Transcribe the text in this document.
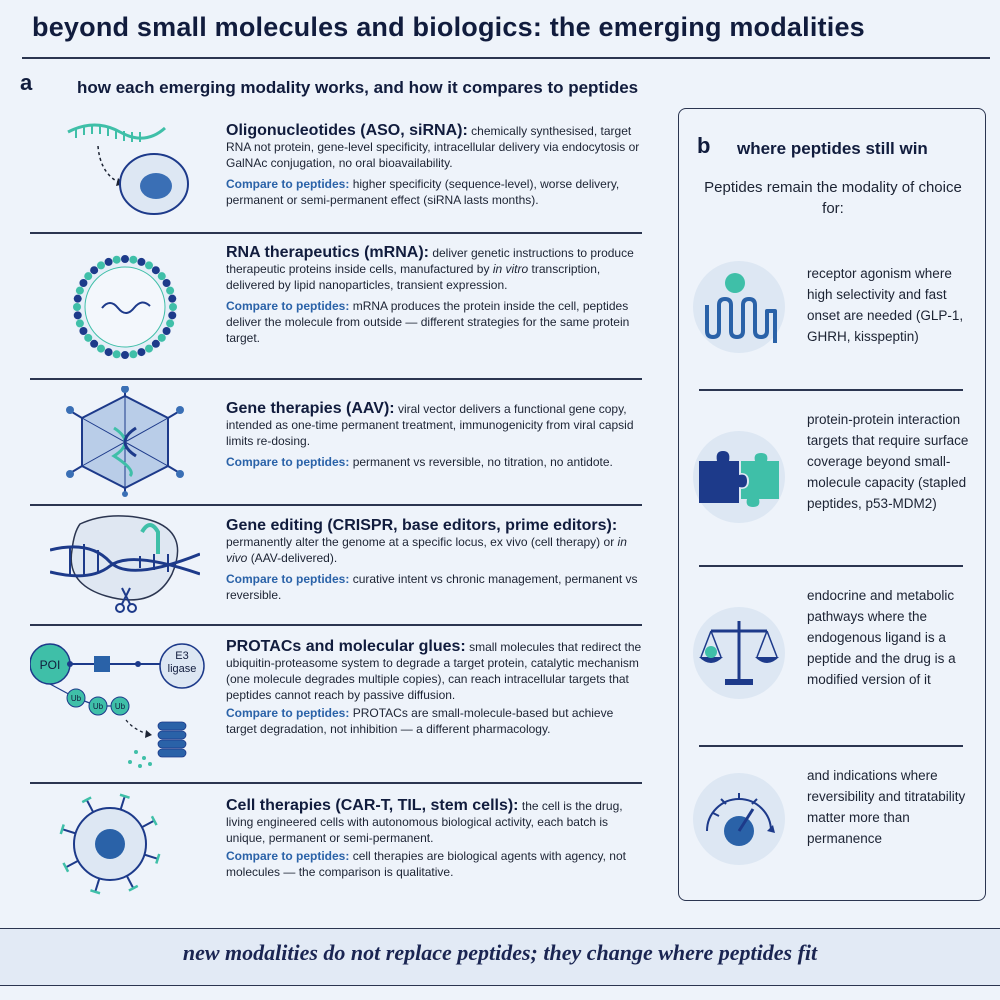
beyond small molecules and biologics: the emerging modalities
a	how each emerging modality works, and how it compares to peptides
Oligonucleotides (ASO, siRNA): chemically synthesised, target RNA not protein, gene-level specificity, intracellular delivery via endocytosis or GalNAc conjugation, no oral bioavailability.
Compare to peptides: higher specificity (sequence-level), worse delivery, permanent or semi-permanent effect (siRNA lasts months).
RNA therapeutics (mRNA): deliver genetic instructions to produce therapeutic proteins inside cells, manufactured by in vitro transcription, delivered by lipid nanoparticles, transient expression.
Compare to peptides: mRNA produces the protein inside the cell, peptides deliver the molecule from outside — different strategies for the same protein target.
Gene therapies (AAV): viral vector delivers a functional gene copy, intended as one-time permanent treatment, immunogenicity from viral capsid limits re-dosing.
Compare to peptides: permanent vs reversible, no titration, no antidote.
Gene editing (CRISPR, base editors, prime editors):
permanently alter the genome at a specific locus, ex vivo (cell therapy) or in vivo (AAV-delivered).
Compare to peptides: curative intent vs chronic management, permanent vs reversible.
POI
E3 ligase
Ub
Ub Ub
PROTACs and molecular glues: small molecules that redirect the ubiquitin-proteasome system to degrade a target protein, catalytic mechanism (one molecule degrades multiple copies), can reach intracellular targets that peptides cannot reach by passive diffusion.
Compare to peptides: PROTACs are small-molecule-based but achieve target degradation, not inhibition — a different pharmacology.
Cell therapies (CAR-T, TIL, stem cells): the cell is the drug, living engineered cells with autonomous biological activity, each batch is unique, permanent or semi-permanent.
Compare to peptides: cell therapies are biological agents with agency, not molecules — the comparison is qualitative.
b where peptides still win
Peptides remain the modality of choice for:
receptor agonism where high selectivity and fast onset are needed (GLP-1, GHRH, kisspeptin)
protein-protein interaction targets that require surface coverage beyond small-molecule capacity (stapled peptides, p53-MDM2)
endocrine and metabolic pathways where the endogenous ligand is a peptide and the drug is a modified version of it
and indications where reversibility and titratability matter more than permanence
new modalities do not replace peptides; they change where peptides fit
